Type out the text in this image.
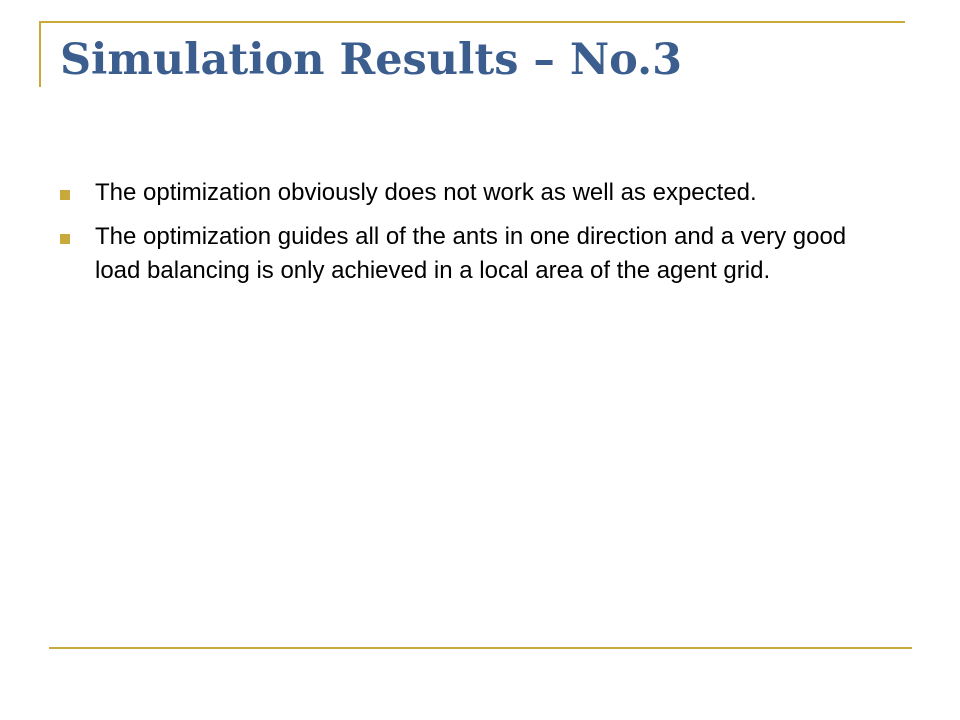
Simulation Results – No.3
The optimization obviously does not work as well as expected.
The optimization guides all of the ants in one direction and a very good load balancing is only achieved in a local area of the agent grid.
